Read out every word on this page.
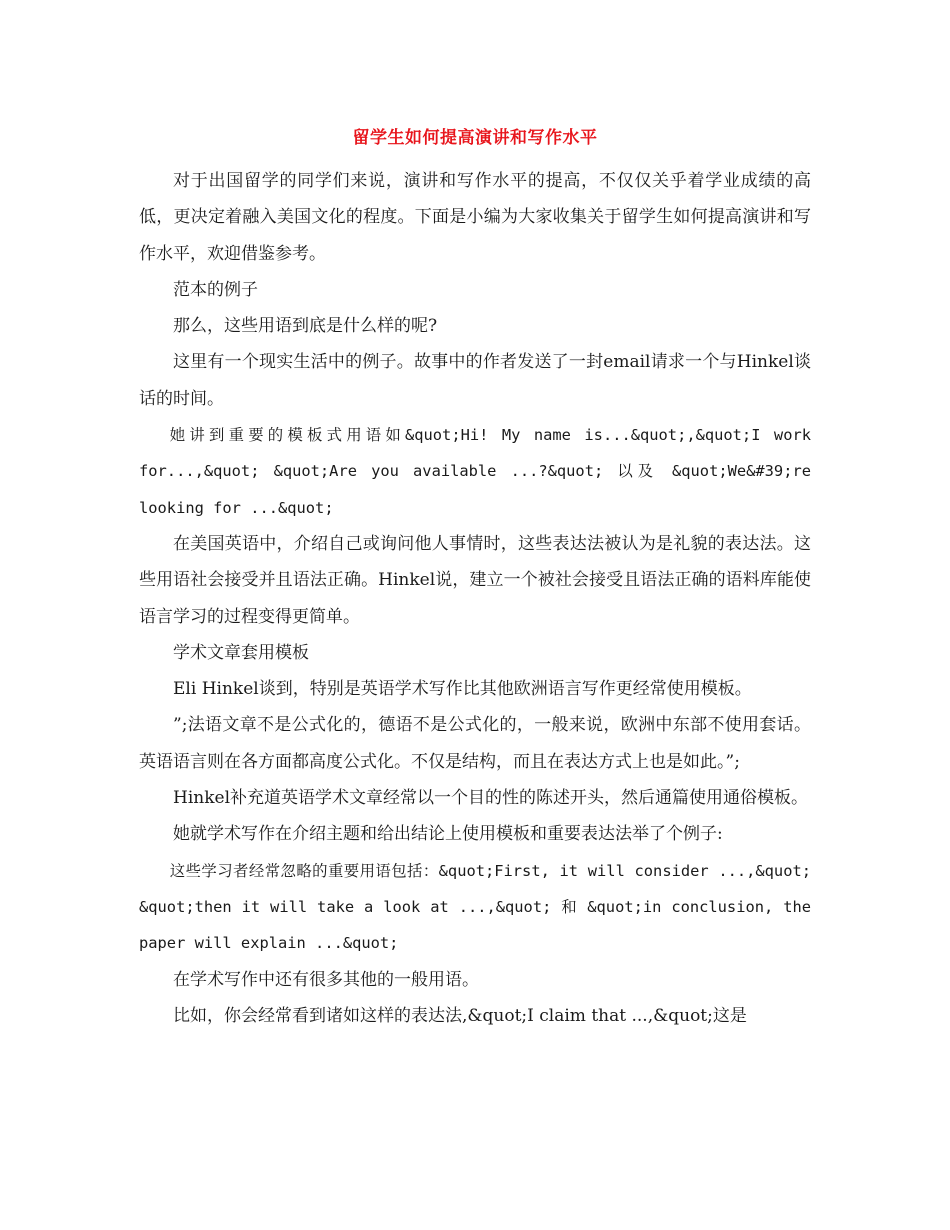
留学生如何提高演讲和写作水平

对于出国留学的同学们来说，演讲和写作水平的提高，不仅仅关乎着学业成绩的高低，更决定着融入美国文化的程度。下面是小编为大家收集关于留学生如何提高演讲和写作水平，欢迎借鉴参考。

范本的例子

那么，这些用语到底是什么样的呢?

这里有一个现实生活中的例子。故事中的作者发送了一封email请求一个与Hinkel谈话的时间。

她讲到重要的模板式用语如&quot;Hi! My name is...&quot;,&quot;I work for...,&quot; &quot;Are you available ...?&quot; 以及 &quot;We&#39;re looking for ...&quot;

在美国英语中，介绍自己或询问他人事情时，这些表达法被认为是礼貌的表达法。这些用语社会接受并且语法正确。Hinkel说，建立一个被社会接受且语法正确的语料库能使语言学习的过程变得更简单。

学术文章套用模板

Eli Hinkel谈到，特别是英语学术写作比其他欧洲语言写作更经常使用模板。

”;法语文章不是公式化的，德语不是公式化的，一般来说，欧洲中东部不使用套话。英语语言则在各方面都高度公式化。不仅是结构，而且在表达方式上也是如此。”;

Hinkel补充道英语学术文章经常以一个目的性的陈述开头，然后通篇使用通俗模板。

她就学术写作在介绍主题和给出结论上使用模板和重要表达法举了个例子:

这些学习者经常忽略的重要用语包括：&quot;First, it will consider ...,&quot; &quot;then it will take a look at ...,&quot; 和 &quot;in conclusion, the paper will explain ...&quot;

在学术写作中还有很多其他的一般用语。

比如，你会经常看到诸如这样的表达法,&quot;I claim that ...,&quot;这是
